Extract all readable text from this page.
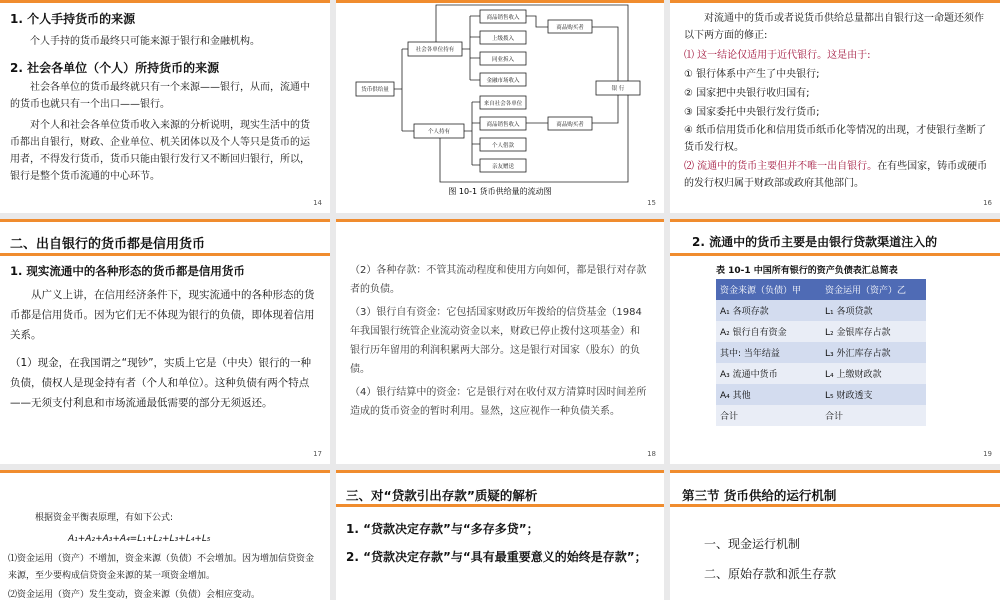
1. 个人手持货币的来源

个人手持的货币最终只可能来源于银行和金融机构。

2. 社会各单位（个人）所持货币的来源

社会各单位的货币最终就只有一个来源——银行，从而，流通中的货币也就只有一个出口——银行。

对个人和社会各单位货币收入来源的分析说明，现实生活中的货币都出自银行，财政、企业单位、机关团体以及个人等只是货币的运用者，不得发行货币，货币只能由银行发行又不断回归银行，所以，银行是整个货币流通的中心环节。

14
货币供给量
社会各单位持有
个人持有
商品销售收入
上级拨入
同业拆入
金融市场收入
来自社会各单位
商品销售收入
个人借款
亲友赠送
商品购买者
商品购买者
银 行
图 10-1 货币供给量的流动图
15

对流通中的货币或者说货币供给总量都出自银行这一命题还须作以下两方面的修正:

⑴ 这一结论仅适用于近代银行。这是由于:

① 银行体系中产生了中央银行;

② 国家把中央银行收归国有;

③ 国家委托中央银行发行货币;

④ 纸币信用货币化和信用货币纸币化等情况的出现，才使银行垄断了货币发行权。

⑵ 流通中的货币主要但并不唯一出自银行。在有些国家，铸币或硬币的发行权归属于财政部或政府其他部门。

16
二、出自银行的货币都是信用货币

1. 现实流通中的各种形态的货币都是信用货币

从广义上讲，在信用经济条件下，现实流通中的各种形态的货币都是信用货币。因为它们无不体现为银行的负债，即体现着信用关系。

（1）现金，在我国谓之“现钞”，实质上它是（中央）银行的一种负债，债权人是现金持有者（个人和单位）。这种负债有两个特点——无须支付利息和市场流通最低需要的部分无须返还。

17

（2）各种存款：不管其流动程度和使用方向如何，都是银行对存款者的负债。

（3）银行自有资金：它包括国家财政历年拨给的信贷基金（1984 年我国银行统管企业流动资金以来，财政已停止拨付这项基金）和银行历年留用的利润积累两大部分。这是银行对国家（股东）的负债。

（4）银行结算中的资金：它是银行对在收付双方清算时因时间差所造成的货币资金的暂时利用。显然，这应视作一种负债关系。

18
2. 流通中的货币主要是由银行贷款渠道注入的
表 10-1 中国所有银行的资产负债表汇总简表
资金来源（负债）甲	资金运用（资产）乙
A₁ 各项存款	L₁ 各项贷款
A₂ 银行自有资金	L₂ 金银库存占款
其中: 当年结益	L₃ 外汇库存占款
A₃ 流通中货币	L₄ 上缴财政款
A₄ 其他	L₅ 财政透支
合计	合计
19

根据资金平衡表原理，有如下公式:

A₁+A₂+A₃+A₄=L₁+L₂+L₃+L₄+L₅

⑴资金运用（资产）不增加，资金来源（负债）不会增加。因为增加信贷资金来源，至少要构成信贷资金来源的某一项资金增加。

⑵资金运用（资产）发生变动，资金来源（负债）会相应变动。

三、对“贷款引出存款”质疑的解析

1. “贷款决定存款”与“多存多贷”；

2. “贷款决定存款”与“具有最重要意义的始终是存款”；

第三节 货币供给的运行机制

一、现金运行机制

二、原始存款和派生存款
